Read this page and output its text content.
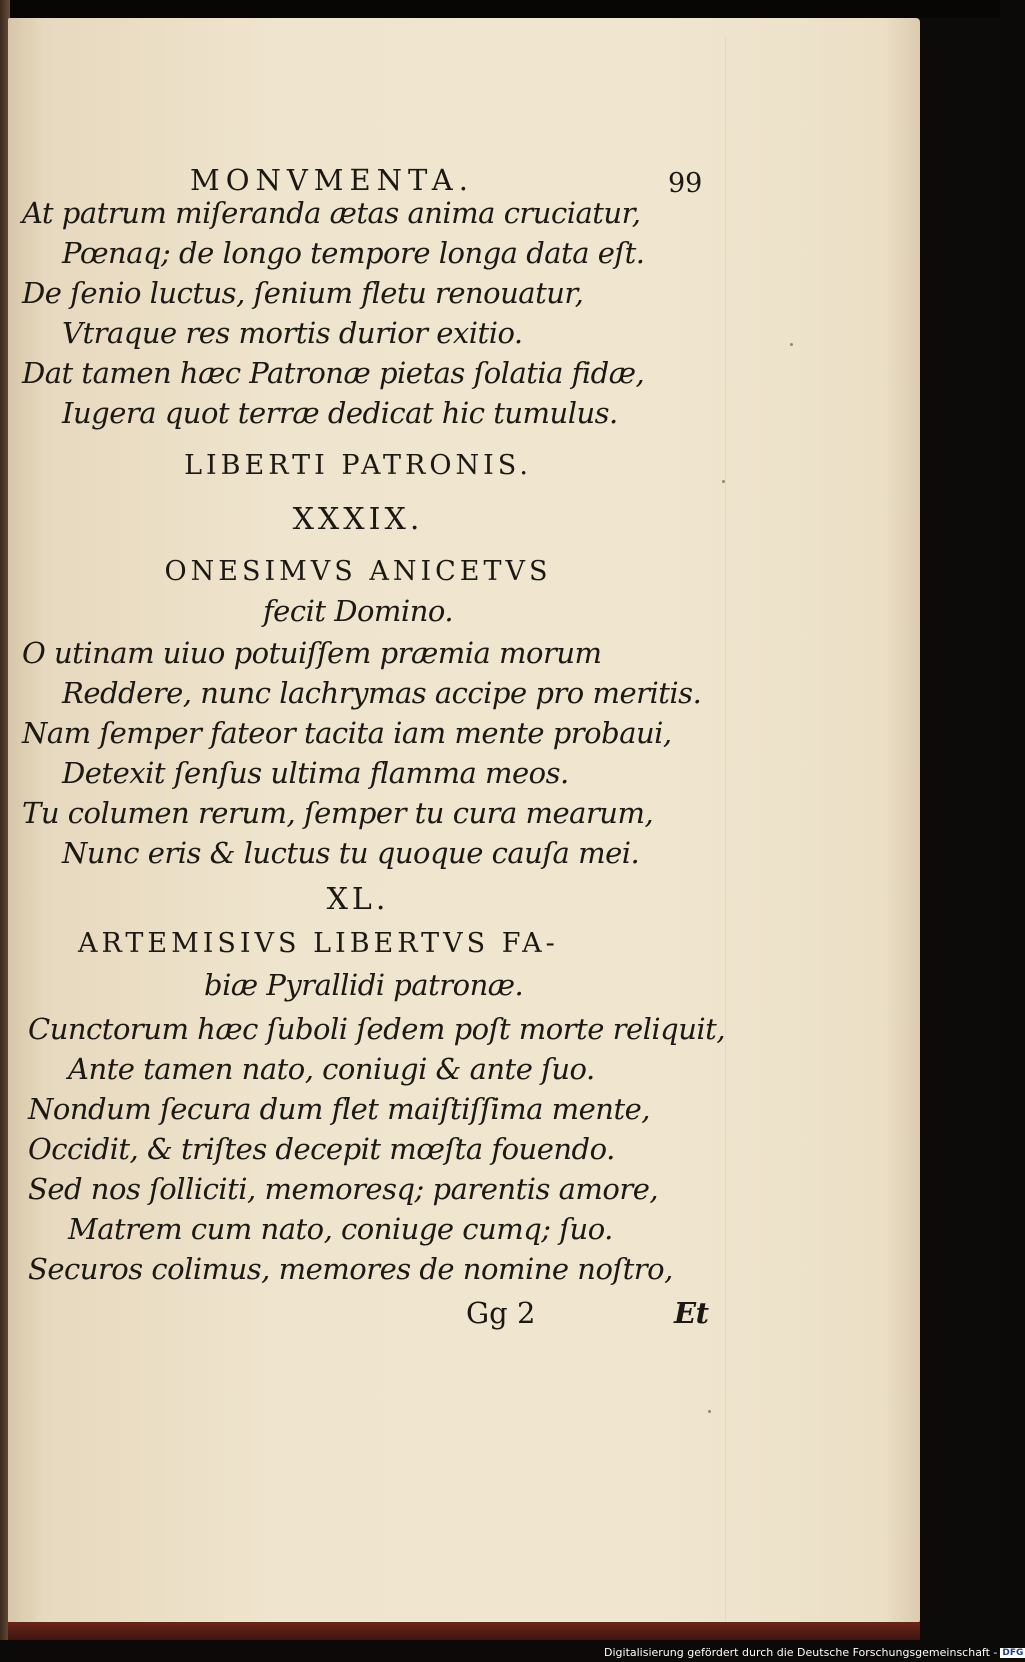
MONVMENTA.	99
At patrum miſeranda ætas anima cruciatur,
Pœnaq; de longo tempore longa data eſt.
De ſenio luctus, ſenium fletu renouatur,
Vtraque res mortis durior exitio.
Dat tamen hæc Patronæ pietas ſolatia fidæ,
Iugera quot terræ dedicat hic tumulus.
LIBERTI PATRONIS.
XXXIX.
ONESIMVS ANICETVS
fecit Domino.
O utinam uiuo potuiſſem præmia morum
Reddere, nunc lachrymas accipe pro meritis.
Nam ſemper fateor tacita iam mente probaui,
Detexit ſenſus ultima flamma meos.
Tu columen rerum, ſemper tu cura mearum,
Nunc eris & luctus tu quoque cauſa mei.
XL.
ARTEMISIVS LIBERTVS FA-
biæ Pyrallidi patronæ.
Cunctorum hæc ſuboli ſedem poſt morte reliquit,
Ante tamen nato, coniugi & ante ſuo.
Nondum ſecura dum flet maiſtiſſima mente,
Occidit, & triſtes decepit mœſta fouendo.
Sed nos ſolliciti, memoresq; parentis amore,
Matrem cum nato, coniuge cumq; ſuo.
Securos colimus, memores de nomine noſtro,
Gg 2	Et
Digitalisierung gefördert durch die Deutsche Forschungsgemeinschaft - DFG
